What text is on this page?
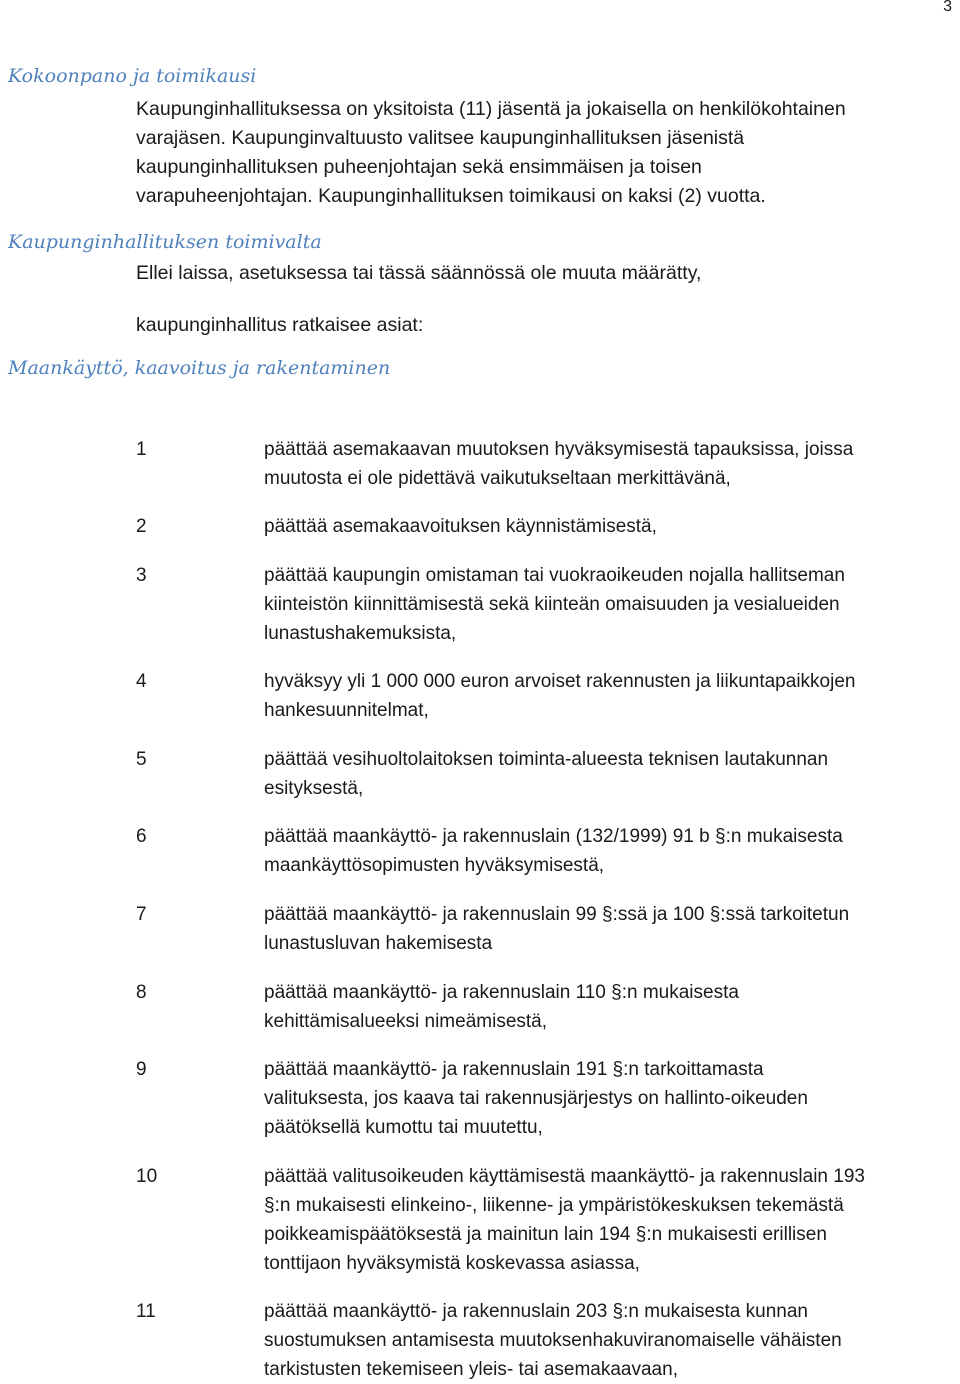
3
Kokoonpano ja toimikausi

Kaupunginhallituksessa on yksitoista (11) jäsentä ja jokaisella on henkilökohtainen

varajäsen. Kaupunginvaltuusto valitsee kaupunginhallituksen jäsenistä

kaupunginhallituksen puheenjohtajan sekä ensimmäisen ja toisen

varapuheenjohtajan. Kaupunginhallituksen toimikausi on kaksi (2) vuotta.

Kaupunginhallituksen toimivalta
Ellei laissa, asetuksessa tai tässä säännössä ole muuta määrätty,
kaupunginhallitus ratkaisee asiat:
Maankäyttö, kaavoitus ja rakentaminen
1	päättää asemakaavan muutoksen hyväksymisestä tapauksissa, joissa
muutosta ei ole pidettävä vaikutukseltaan merkittävänä,
2	päättää asemakaavoituksen käynnistämisestä,
3	päättää kaupungin omistaman tai vuokraoikeuden nojalla hallitseman
kiinteistön kiinnittämisestä sekä kiinteän omaisuuden ja vesialueiden
lunastushakemuksista,
4	hyväksyy yli 1 000 000 euron arvoiset rakennusten ja liikuntapaikkojen
hankesuunnitelmat,
5	päättää vesihuoltolaitoksen toiminta-alueesta teknisen lautakunnan
esityksestä,
6	päättää maankäyttö- ja rakennuslain (132/1999) 91 b §:n mukaisesta
maankäyttösopimusten hyväksymisestä,
7	päättää maankäyttö- ja rakennuslain 99 §:ssä ja 100 §:ssä tarkoitetun
lunastusluvan hakemisesta
8	päättää maankäyttö- ja rakennuslain 110 §:n mukaisesta
kehittämisalueeksi nimeämisestä,
9	päättää maankäyttö- ja rakennuslain 191 §:n tarkoittamasta
valituksesta, jos kaava tai rakennusjärjestys on hallinto-oikeuden
päätöksellä kumottu tai muutettu,
10	päättää valitusoikeuden käyttämisestä maankäyttö- ja rakennuslain 193
§:n mukaisesti elinkeino-, liikenne- ja ympäristökeskuksen tekemästä
poikkeamispäätöksestä ja mainitun lain 194 §:n mukaisesti erillisen
tonttijaon hyväksymistä koskevassa asiassa,
11	päättää maankäyttö- ja rakennuslain 203 §:n mukaisesta kunnan
suostumuksen antamisesta muutoksenhakuviranomaiselle vähäisten
tarkistusten tekemiseen yleis- tai asemakaavaan,
